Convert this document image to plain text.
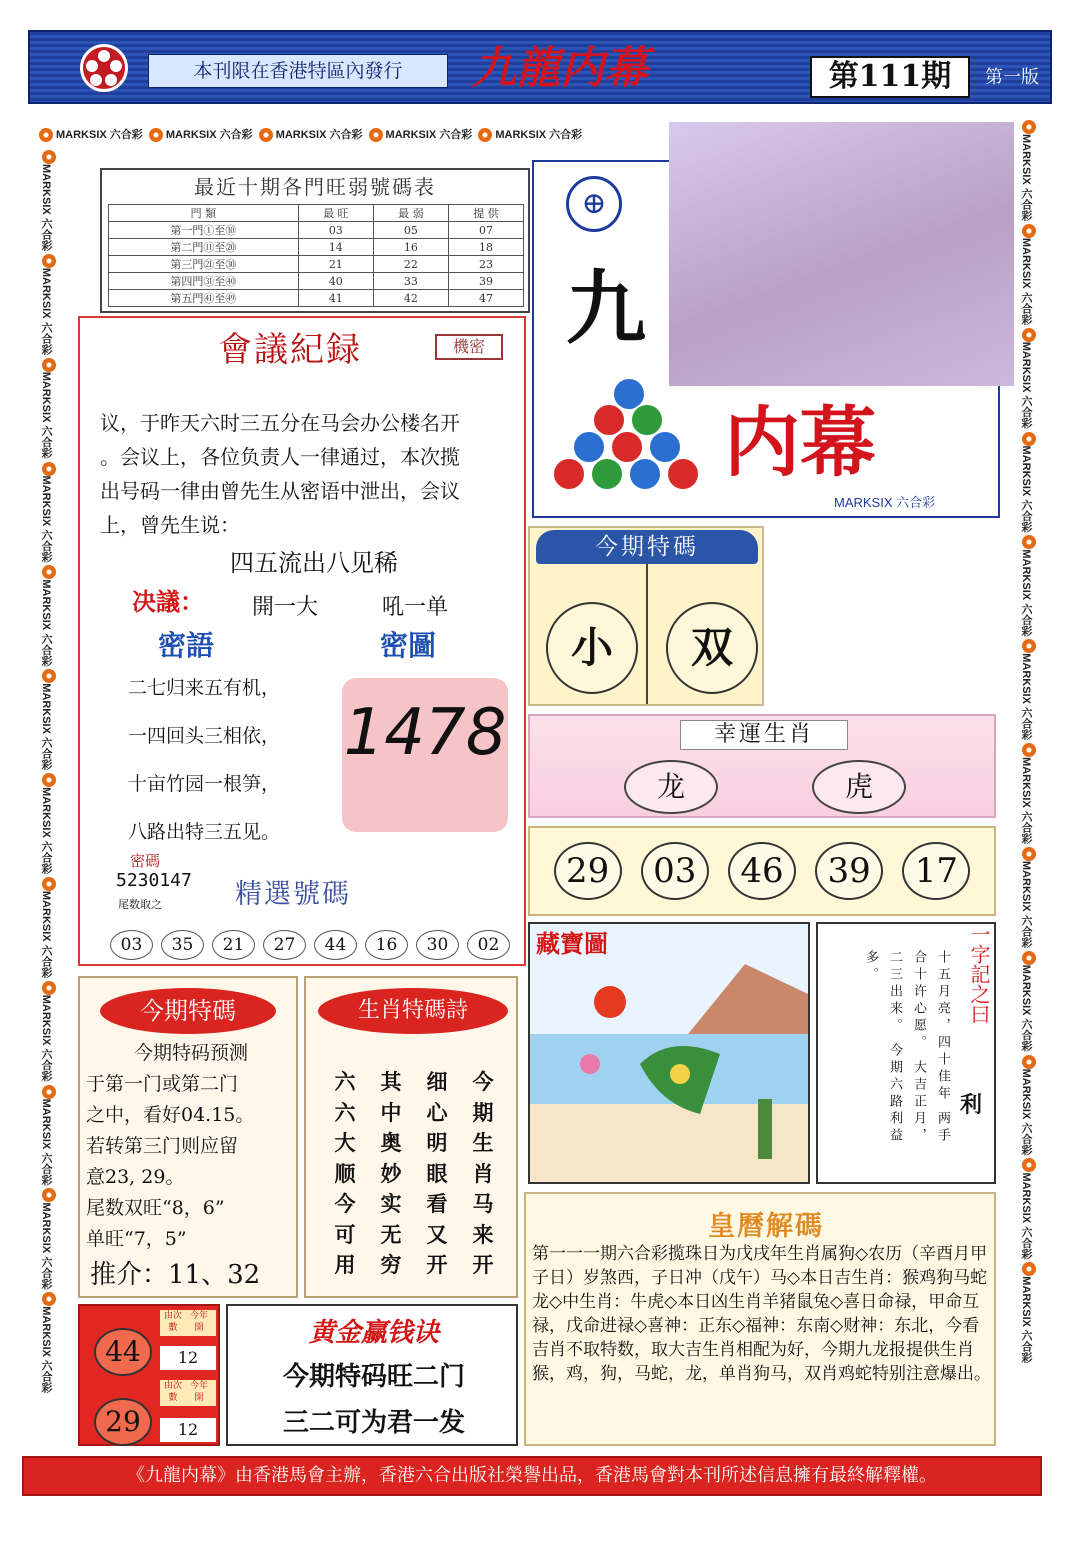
本刊限在香港特區內發行	九龍内幕	第111期	第一版
MARKSIX 六合彩 MARKSIX 六合彩 MARKSIX 六合彩 MARKSIX 六合彩 MARKSIX 六合彩
MARKSIX 六合彩 MARKSIX 六合彩 MARKSIX 六合彩 MARKSIX 六合彩 MARKSIX 六合彩 MARKSIX 六合彩 MARKSIX 六合彩 MARKSIX 六合彩 MARKSIX 六合彩 MARKSIX 六合彩 MARKSIX 六合彩 MARKSIX 六合彩
MARKSIX 六合彩 MARKSIX 六合彩 MARKSIX 六合彩 MARKSIX 六合彩 MARKSIX 六合彩 MARKSIX 六合彩 MARKSIX 六合彩 MARKSIX 六合彩 MARKSIX 六合彩 MARKSIX 六合彩 MARKSIX 六合彩 MARKSIX 六合彩
最近十期各門旺弱號碼表
門 類	最 旺	最 弱	提 供
第一門①至⑩	03	05	07
第二門⑪至⑳	14	16	18
第三門㉑至㉚	21	22	23
第四門㉛至㊵	40	33	39
第五門㊶至㊾	41	42	47
會議紀録	機密
议，于昨天六时三五分在马会办公楼名开
。会议上，各位负责人一律通过，本次揽
出号码一律由曾先生从密语中泄出，会议
上，曾先生说：
四五流出八见稀
决議：	開一大	吼一单
密語	密圖
二七归来五有机，
一四回头三相依，
十亩竹园一根笋，
八路出特三五见。
1478
密碼
5230147
尾数取之	精選號碼
03	35	21	27	44	16	30	02
⊕
九
内幕
MARKSIX 六合彩
今期特碼
小	双
幸運生肖
龙	虎
29	03	46	39	17
藏寶圖	一字記之曰
十五月亮，四十佳年 两手合十许心愿。 大吉正月，二三出来。 今期六路利益多。
利
今期特碼
今期特码预测
于第一门或第二门
之中，看好04.15。
若转第三门则应留
意23, 29。
尾数双旺“8，6”
单旺“7，5”
推介：11、32
生肖特碼詩
六	其	细	今
六	中	心	期
大	奥	明	生
顺	妙	眼	肖
今	实	看	马
可	无	又	来
用	穷	开	开
44
29
由次數今年開
12
由次數今年開
12
黄金赢钱诀
今期特码旺二门
三二可为君一发
皇曆解碼
第一一一期六合彩揽珠日为戊戌年生肖属狗◇农历（辛酉月甲子日）岁煞西，子日冲（戊午）马◇本日吉生肖：猴鸡狗马蛇龙◇中生肖：牛虎◇本日凶生肖羊猪鼠兔◇喜日命禄，甲命互禄，戊命进禄◇喜神：正东◇福神：东南◇财神：东北，今看吉肖不取特数，取大吉生肖相配为好，今期九龙报提供生肖猴，鸡，狗，马蛇，龙，单肖狗马，双肖鸡蛇特别注意爆出。
《九龍内幕》由香港馬會主辦，香港六合出版社榮譽出品，香港馬會對本刊所述信息擁有最終解釋權。
